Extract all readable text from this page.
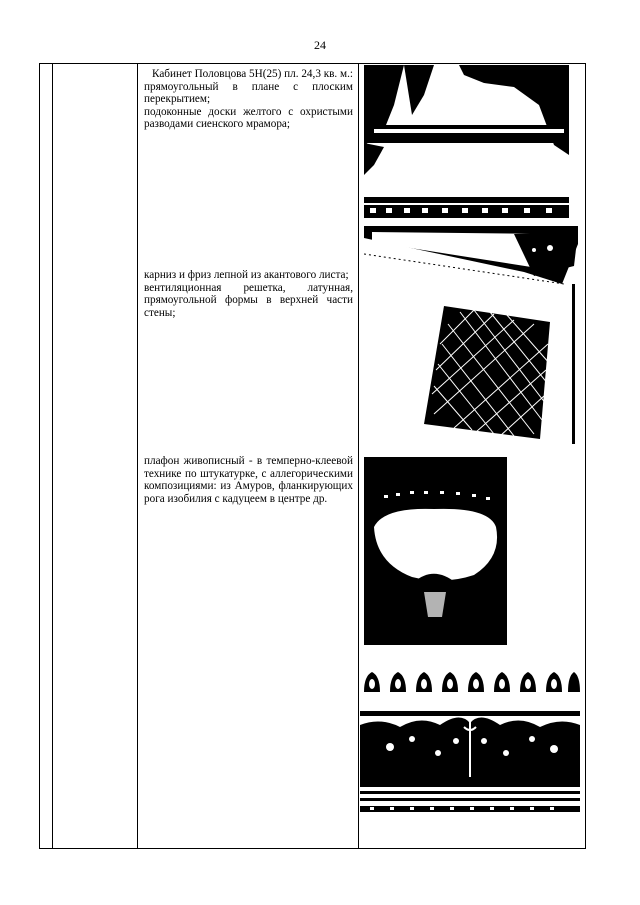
24

Кабинет Половцова 5Н(25) пл. 24,3 кв. м.: прямоугольный в плане с плоским перекрытием;

подоконные доски желтого с охристыми разводами сиенского мрамора;

карниз и фриз лепной из акантового листа;

вентиляционная решетка, латунная, прямоугольной формы в верхней части стены;

плафон живописный - в темперно-клеевой технике по штукатурке, с аллегорическими композициями: из Амуров, фланкирующих рога изобилия с кадуцеем в центре др.
